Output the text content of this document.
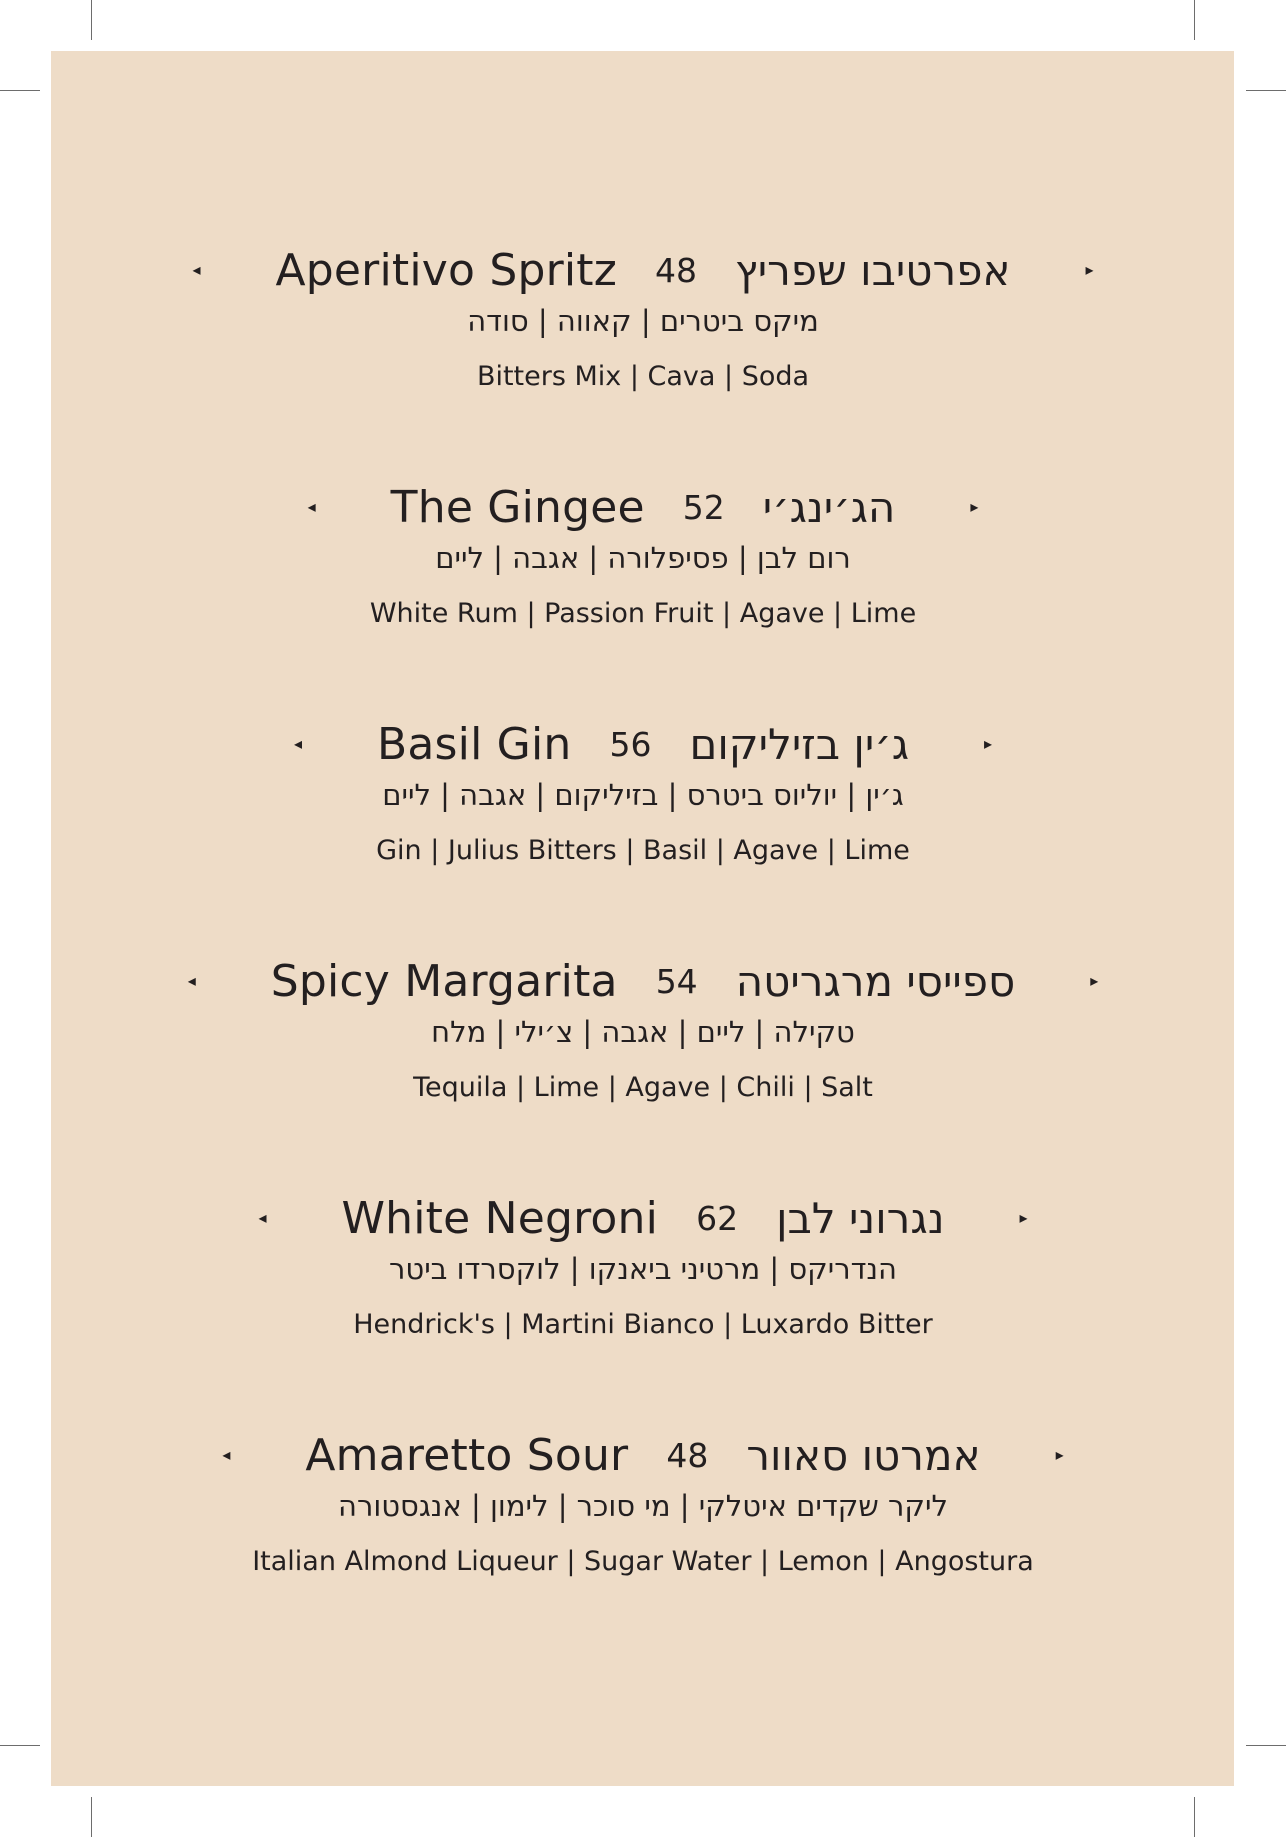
◂ Aperitivo Spritz 48 אפרטיבו שפריץ	▸
מיקס ביטרים | קאווה | סודה
Bitters Mix | Cava | Soda
◂ The Gingee 52 הג׳ינג׳י	▸
רום לבן | פסיפלורה | אגבה | ליים
White Rum | Passion Fruit | Agave | Lime
◂ Basil Gin 56 ג׳ין בזיליקום	▸
ג׳ין | יוליוס ביטרס | בזיליקום | אגבה | ליים
Gin | Julius Bitters | Basil | Agave | Lime
◂ Spicy Margarita 54 ספייסי מרגריטה	▸
טקילה | ליים | אגבה | צ׳ילי | מלח
Tequila | Lime | Agave | Chili | Salt
◂ White Negroni 62 נגרוני לבן	▸
הנדריקס | מרטיני ביאנקו | לוקסרדו ביטר
Hendrick's | Martini Bianco | Luxardo Bitter
◂ Amaretto Sour 48 אמרטו סאוור	▸
ליקר שקדים איטלקי | מי סוכר | לימון | אנגסטורה
Italian Almond Liqueur | Sugar Water | Lemon | Angostura
